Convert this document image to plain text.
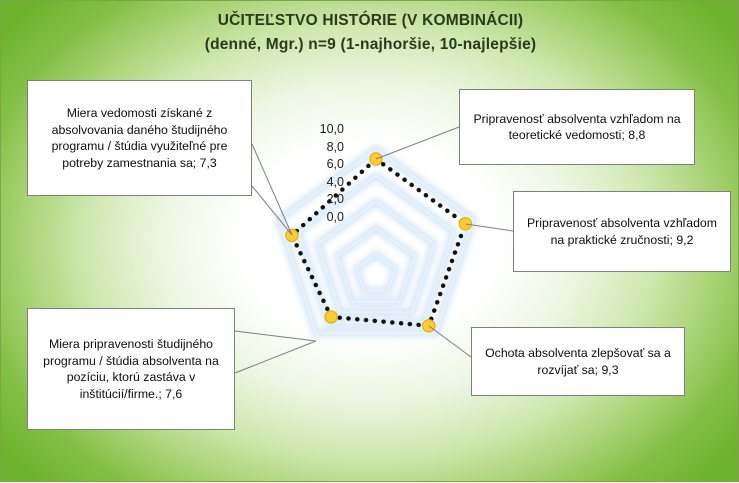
UČITEĽSTVO HISTÓRIE (V KOMBINÁCII)
(denné, Mgr.) n=9 (1-najhoršie, 10-najlepšie)
10,0
8,0
6,0
4,0
2,0
0,0
Miera vedomosti získané z absolvovania daného študijného programu / štúdia využiteľné pre potreby zamestnania sa; 7,3
Pripravenosť absolventa vzhľadom na teoretické vedomosti; 8,8
Pripravenosť absolventa vzhľadom na praktické zručnosti; 9,2
Ochota absolventa zlepšovať sa a rozvíjať sa; 9,3
Miera pripravenosti študijného programu / štúdia absolventa na pozíciu, ktorú zastáva v inštitúcií/firme.; 7,6
